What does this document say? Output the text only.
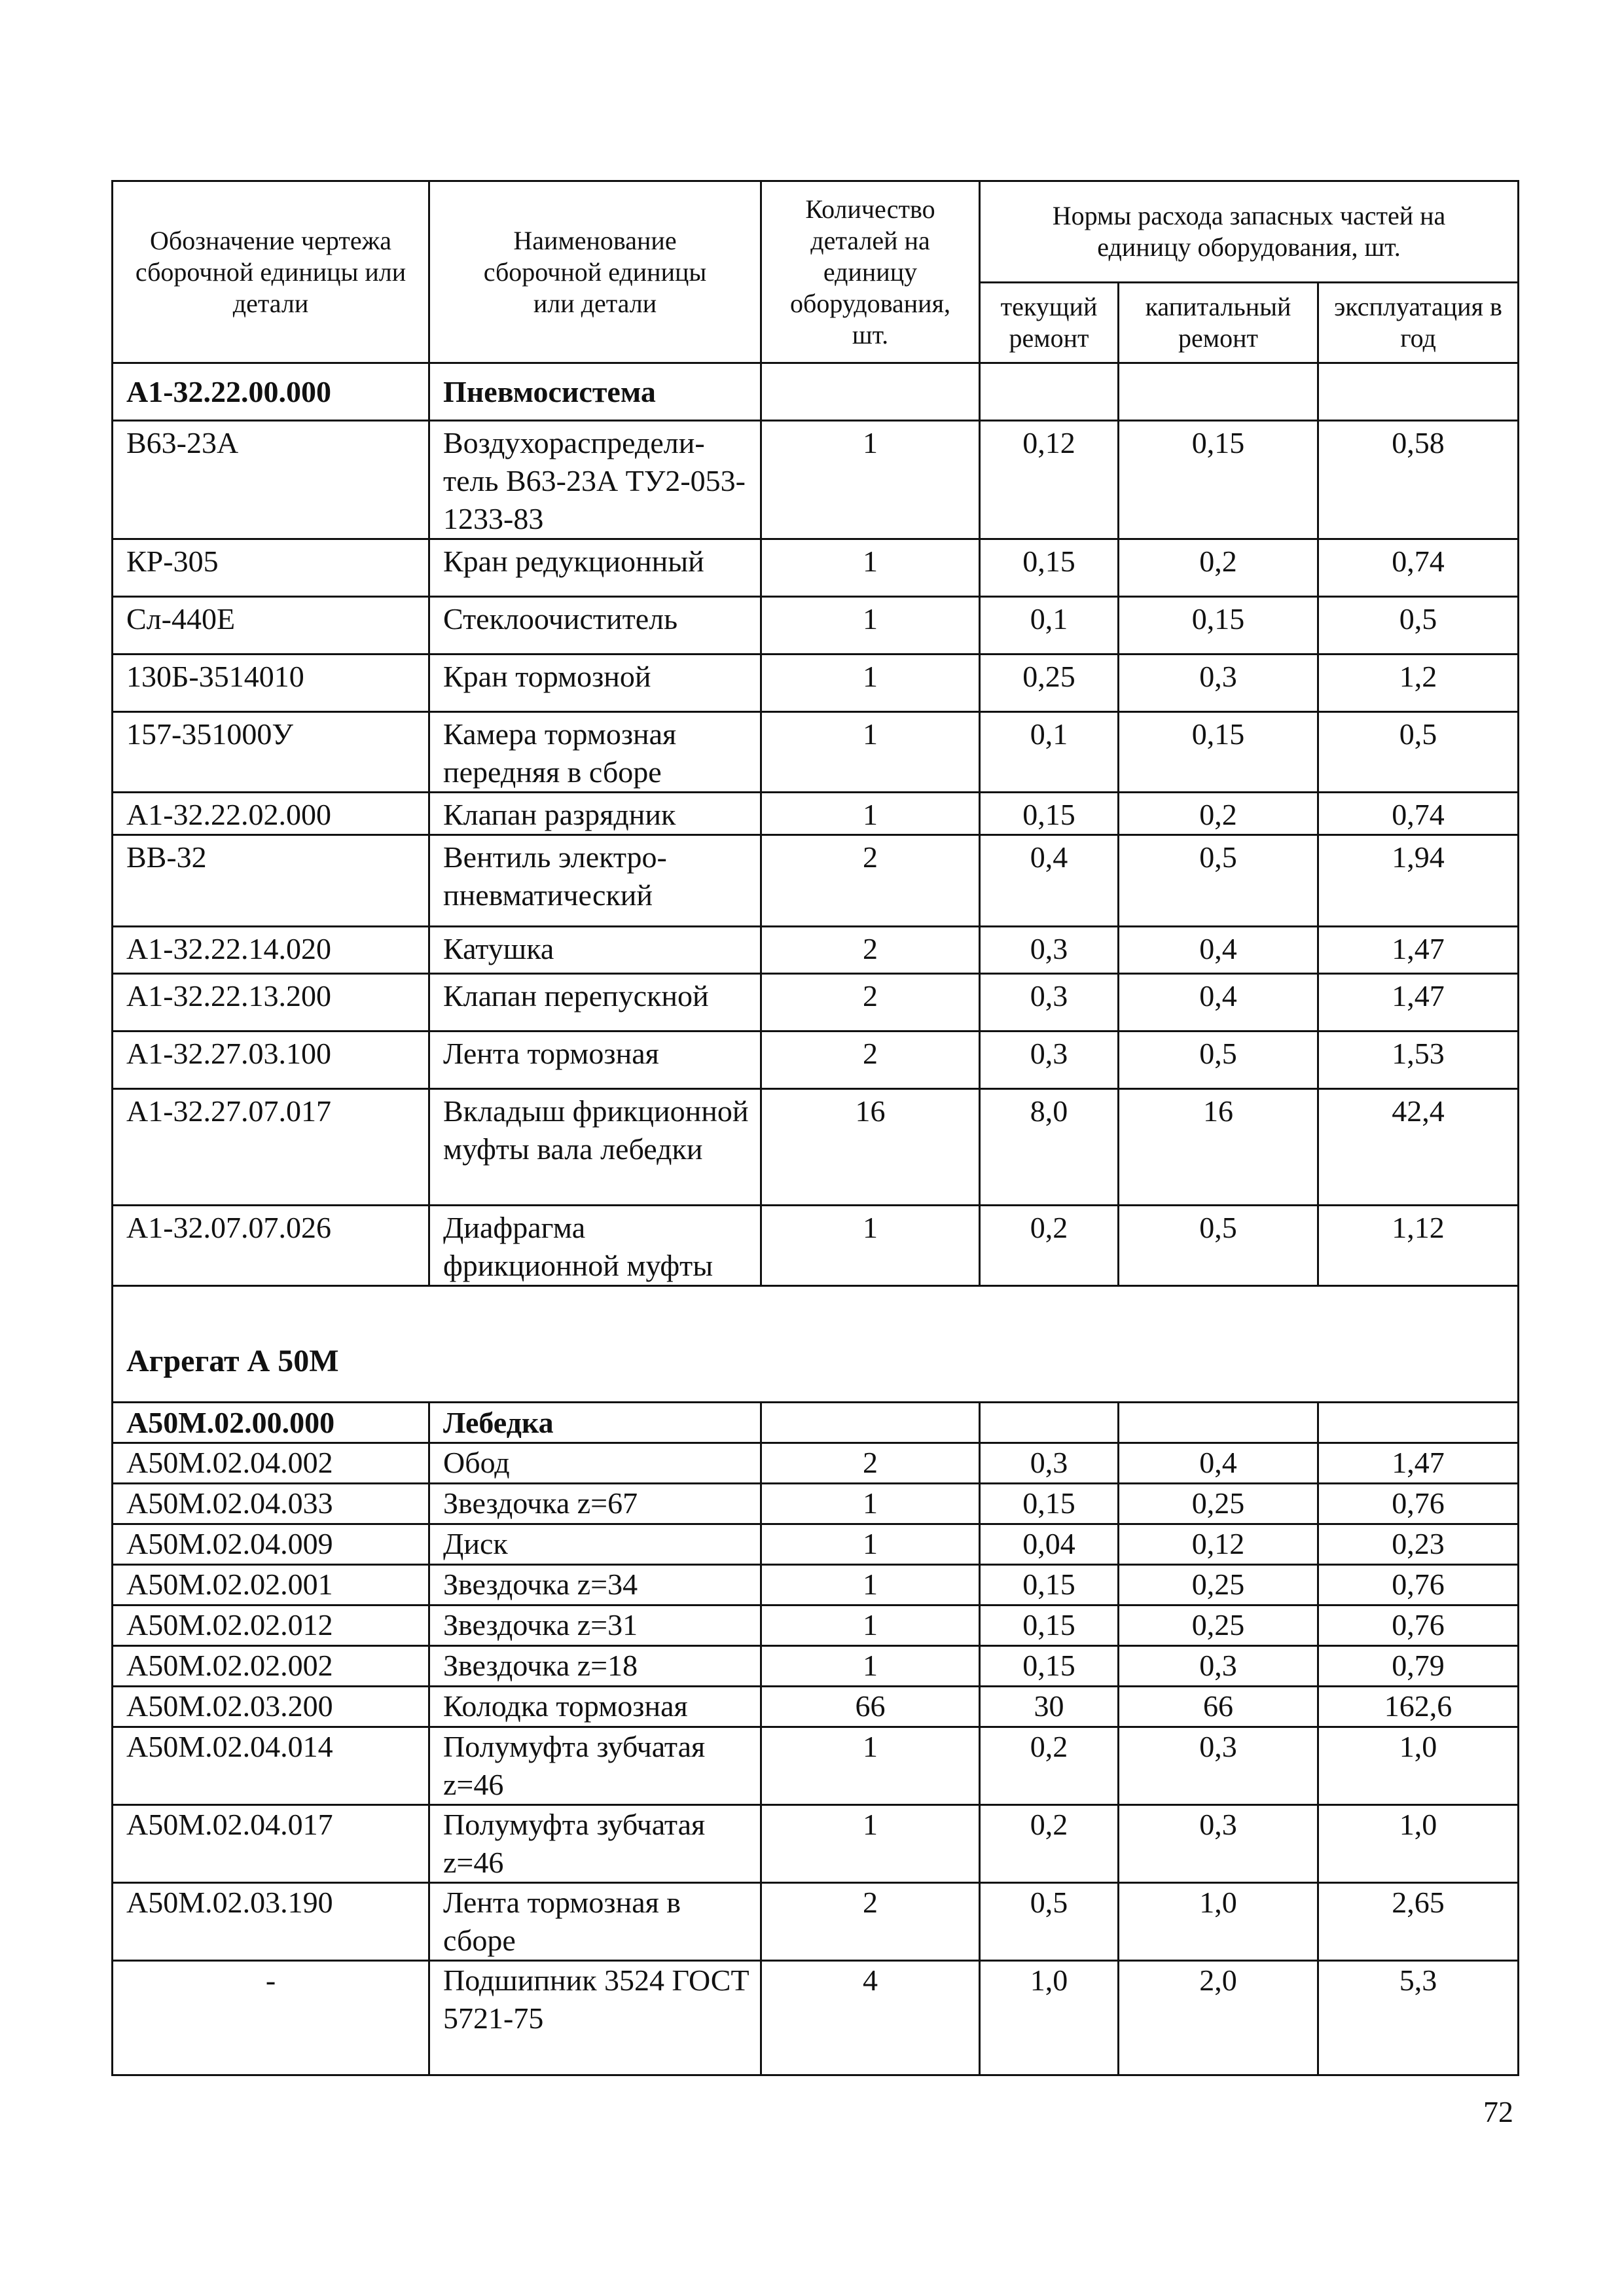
Обозначение чертежа сборочной единицы или детали	Наименование сборочной единицы или детали	Количество деталей на единицу оборудования, шт.	Нормы расхода запасных частей на единицу оборудования, шт.		
			текущий ремонт	капитальный ремонт	эксплуатация в год
А1-32.22.00.000	Пневмосистема				
В63-23А	Воздухораспредели-тель В63-23А ТУ2-053-1233-83	1	0,12	0,15	0,58
КР-305	Кран редукционный	1	0,15	0,2	0,74
Сл-440Е	Стеклоочиститель	1	0,1	0,15	0,5
130Б-3514010	Кран тормозной	1	0,25	0,3	1,2
157-351000У	Камера тормозная передняя в сборе	1	0,1	0,15	0,5
А1-32.22.02.000	Клапан разрядник	1	0,15	0,2	0,74
ВВ-32	Вентиль электро-пневматический	2	0,4	0,5	1,94
А1-32.22.14.020	Катушка	2	0,3	0,4	1,47
А1-32.22.13.200	Клапан перепускной	2	0,3	0,4	1,47
А1-32.27.03.100	Лента тормозная	2	0,3	0,5	1,53
А1-32.27.07.017	Вкладыш фрикционной муфты вала лебедки	16	8,0	16	42,4
А1-32.07.07.026	Диафрагма фрикционной муфты	1	0,2	0,5	1,12
Агрегат А 50М					
А50М.02.00.000	Лебедка				
А50М.02.04.002	Обод	2	0,3	0,4	1,47
А50М.02.04.033	Звездочка z=67	1	0,15	0,25	0,76
А50М.02.04.009	Диск	1	0,04	0,12	0,23
А50М.02.02.001	Звездочка z=34	1	0,15	0,25	0,76
А50М.02.02.012	Звездочка z=31	1	0,15	0,25	0,76
А50М.02.02.002	Звездочка z=18	1	0,15	0,3	0,79
А50М.02.03.200	Колодка тормозная	66	30	66	162,6
А50М.02.04.014	Полумуфта зубчатая z=46	1	0,2	0,3	1,0
А50М.02.04.017	Полумуфта зубчатая z=46	1	0,2	0,3	1,0
А50М.02.03.190	Лента тормозная в сборе	2	0,5	1,0	2,65
-	Подшипник 3524 ГОСТ 5721-75	4	1,0	2,0	5,3
72
